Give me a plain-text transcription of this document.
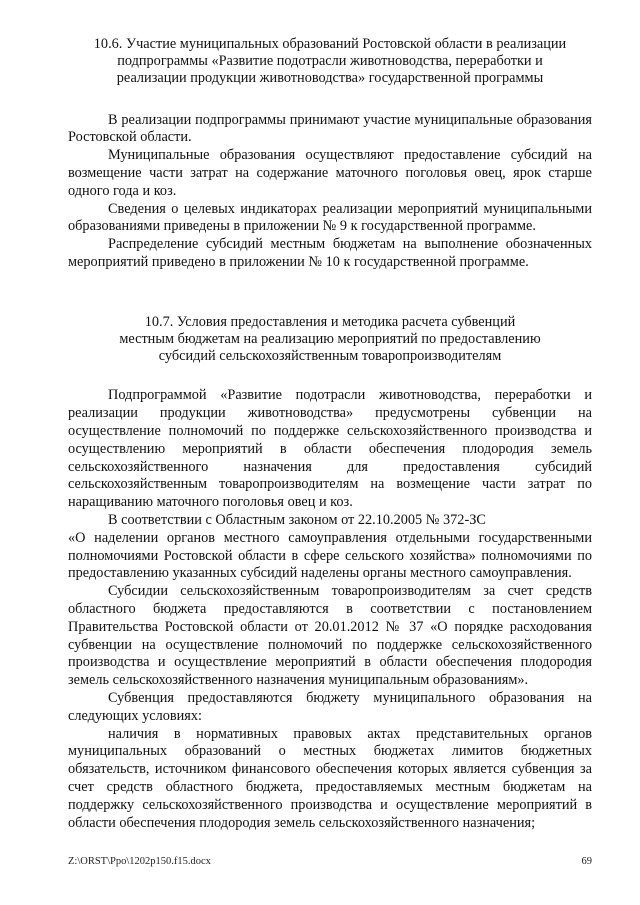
10.6. Участие муниципальных образований Ростовской области в реализации
подпрограммы «Развитие подотрасли животноводства, переработки и
реализации продукции животноводства» государственной программы

В реализации подпрограммы принимают участие муниципальные образования Ростовской области.

Муниципальные образования осуществляют предоставление субсидий на возмещение части затрат на содержание маточного поголовья овец, ярок старше одного года и коз.

Сведения о целевых индикаторах реализации мероприятий муниципальными образованиями приведены в приложении № 9 к государственной программе.

Распределение субсидий местным бюджетам на выполнение обозначенных мероприятий приведено в приложении № 10 к государственной программе.

10.7. Условия предоставления и методика расчета субвенций
местным бюджетам на реализацию мероприятий по предоставлению
субсидий сельскохозяйственным товаропроизводителям

Подпрограммой «Развитие подотрасли животноводства, переработки и реализации продукции животноводства» предусмотрены субвенции на осуществление полномочий по поддержке сельскохозяйственного производства и осуществлению мероприятий в области обеспечения плодородия земель сельскохозяйственного назначения для предоставления субсидий сельскохозяйственным товаропроизводителям на возмещение части затрат по наращиванию маточного поголовья овец и коз.

В соответствии с Областным законом от 22.10.2005 № 372-ЗС

«О наделении органов местного самоуправления отдельными государственными полномочиями Ростовской области в сфере сельского хозяйства» полномочиями по предоставлению указанных субсидий наделены органы местного самоуправления.

Субсидии сельскохозяйственным товаропроизводителям за счет средств областного бюджета предоставляются в соответствии с постановлением Правительства Ростовской области от 20.01.2012 № 37 «О порядке расходования субвенции на осуществление полномочий по поддержке сельскохозяйственного производства и осуществление мероприятий в области обеспечения плодородия земель сельскохозяйственного назначения муниципальным образованиям».

Субвенция предоставляются бюджету муниципального образования на следующих условиях:

наличия в нормативных правовых актах представительных органов муниципальных образований о местных бюджетах лимитов бюджетных обязательств, источником финансового обеспечения которых является субвенция за счет средств областного бюджета, предоставляемых местным бюджетам на поддержку сельскохозяйственного производства и осуществление мероприятий в области обеспечения плодородия земель сельскохозяйственного назначения;

Z:\ORST\Ppo\1202p150.f15.docx	69
